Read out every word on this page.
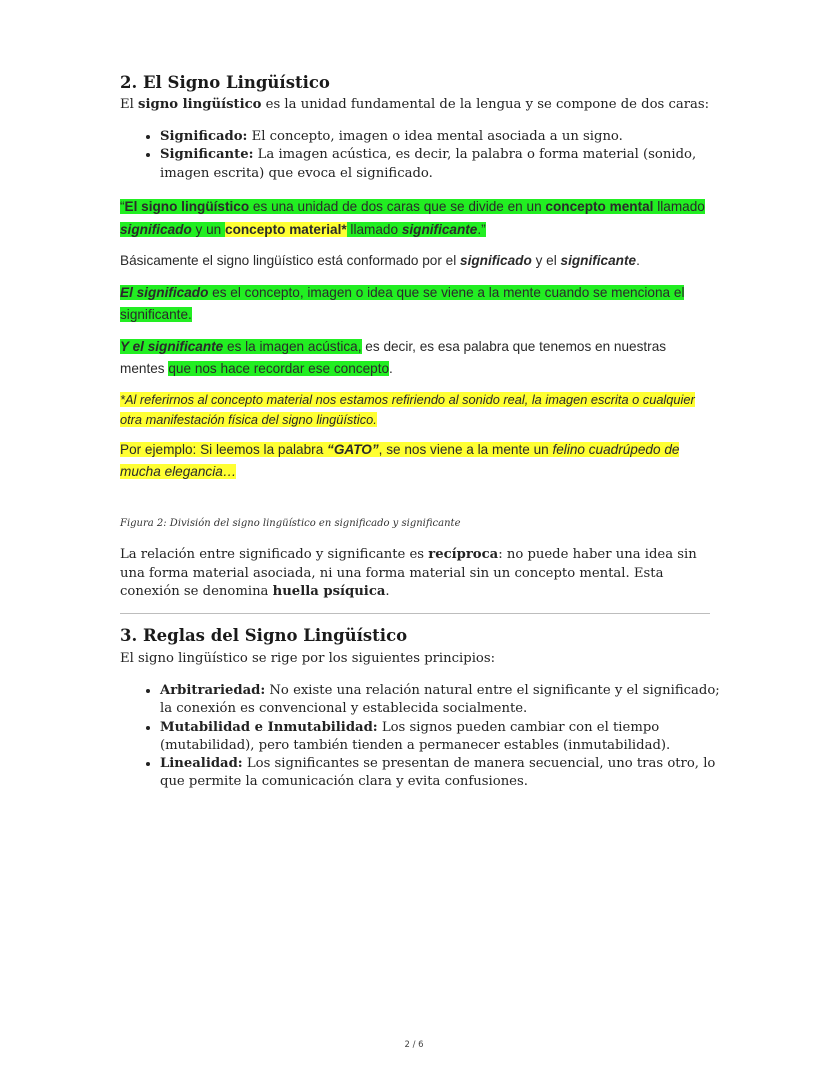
2. El Signo Lingüístico

El signo lingüístico es la unidad fundamental de la lengua y se compone de dos caras:

• Significado: El concepto, imagen o idea mental asociada a un signo.
• Significante: La imagen acústica, es decir, la palabra o forma material (sonido, imagen escrita) que evoca el significado.

“El signo lingüístico es una unidad de dos caras que se divide en un concepto mental llamado significado y un concepto material* llamado significante.”

Básicamente el signo lingüístico está conformado por el significado y el significante.

El significado es el concepto, imagen o idea que se viene a la mente cuando se menciona el significante.

Y el significante es la imagen acústica, es decir, es esa palabra que tenemos en nuestras mentes que nos hace recordar ese concepto.

*Al referirnos al concepto material nos estamos refiriendo al sonido real, la imagen escrita o cualquier otra manifestación física del signo lingüístico.

Por ejemplo: Si leemos la palabra “GATO”, se nos viene a la mente un felino cuadrúpedo de mucha elegancia…

Figura 2: División del signo lingüístico en significado y significante

La relación entre significado y significante es recíproca: no puede haber una idea sin una forma material asociada, ni una forma material sin un concepto mental. Esta conexión se denomina huella psíquica.

3. Reglas del Signo Lingüístico

El signo lingüístico se rige por los siguientes principios:

• Arbitrariedad: No existe una relación natural entre el significante y el significado; la conexión es convencional y establecida socialmente.
• Mutabilidad e Inmutabilidad: Los signos pueden cambiar con el tiempo (mutabilidad), pero también tienden a permanecer estables (inmutabilidad).
• Linealidad: Los significantes se presentan de manera secuencial, uno tras otro, lo que permite la comunicación clara y evita confusiones.
2 / 6
